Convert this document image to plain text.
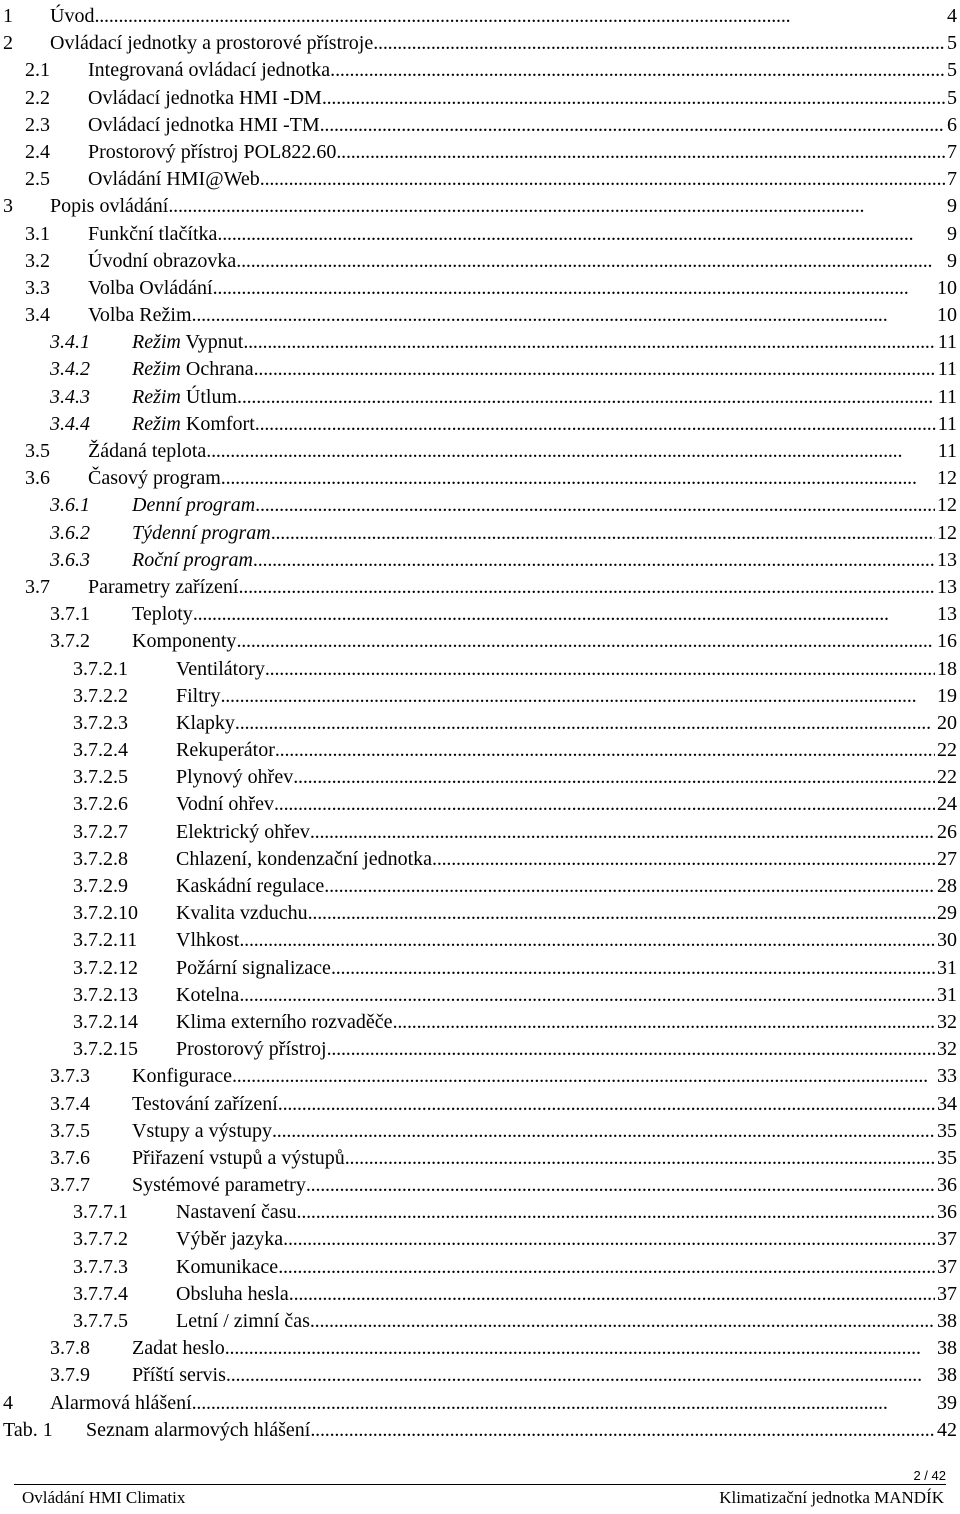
1 Úvod . . .	4
2 Ovládací jednotky a prostorové přístroje . . .	5
2.1 Integrovaná ovládací jednotka. . . .	5
2.2 Ovládací jednotka HMI -DM . . .	5
2.3 Ovládací jednotka HMI -TM . . .	6
2.4 Prostorový přístroj POL822.60 . . .	7
2.5 Ovládání HMI@Web . . .	7
3 Popis ovládání . . .	9
3.1 Funkční tlačítka . . .	9
3.2 Úvodní obrazovka . . .	9
3.3 Volba Ovládání . . .	10
3.4 Volba Režim . . .	10
3.4.1 Režim Vypnut . . .	11
3.4.2 Režim Ochrana . . .	11
3.4.3 Režim Útlum . . .	11
3.4.4 Režim Komfort . . .	11
3.5 Žádaná teplota . . .	11
3.6 Časový program . . .	12
3.6.1 Denní program . . .	12
3.6.2 Týdenní program . . .	12
3.6.3 Roční program . . .	13
3.7 Parametry zařízení . . .	13
3.7.1 Teploty . . .	13
3.7.2 Komponenty . . .	16
3.7.2.1 Ventilátory . . .	18
3.7.2.2 Filtry . . .	19
3.7.2.3 Klapky . . .	20
3.7.2.4 Rekuperátor . . .	22
3.7.2.5 Plynový ohřev . . .	22
3.7.2.6 Vodní ohřev . . .	24
3.7.2.7 Elektrický ohřev . . .	26
3.7.2.8 Chlazení, kondenzační jednotka . . .	27
3.7.2.9 Kaskádní regulace . . .	28
3.7.2.10 Kvalita vzduchu . . .	29
3.7.2.11 Vlhkost . . .	30
3.7.2.12 Požární signalizace . . .	31
3.7.2.13 Kotelna . . .	31
3.7.2.14 Klima externího rozvaděče . . .	32
3.7.2.15 Prostorový přístroj . . .	32
3.7.3 Konfigurace . . .	33
3.7.4 Testování zařízení . . .	34
3.7.5 Vstupy a výstupy . . .	35
3.7.6 Přiřazení vstupů a výstupů . . .	35
3.7.7 Systémové parametry . . .	36
3.7.7.1 Nastavení času . . .	36
3.7.7.2 Výběr jazyka . . .	37
3.7.7.3 Komunikace . . .	37
3.7.7.4 Obsluha hesla . . .	37
3.7.7.5 Letní / zimní čas . . .	38
3.7.8 Zadat heslo . . .	38
3.7.9 Příští servis . . .	38
4 Alarmová hlášení . . .	39
Tab. 1 Seznam alarmových hlášení . . .	42
2 / 42
Ovládání HMI Climatix	Klimatizační jednotka MANDÍK
